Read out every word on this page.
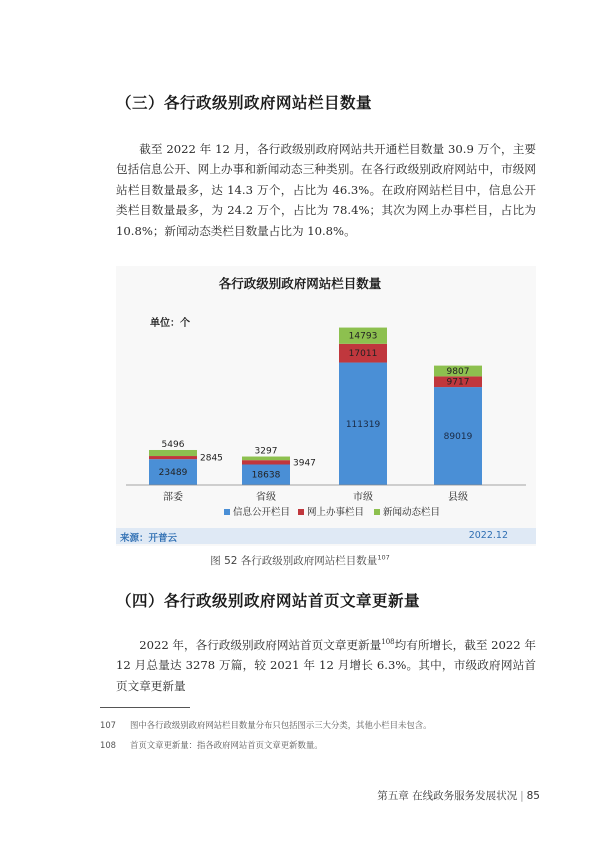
（三）各行政级别政府网站栏目数量

截至 2022 年 12 月，各行政级别政府网站共开通栏目数量 30.9 万个，主要包括信息公开、网上办事和新闻动态三种类别。在各行政级别政府网站中，市级网站栏目数量最多，达 14.3 万个，占比为 46.3%。在政府网站栏目中，信息公开类栏目数量最多，为 24.2 万个，占比为 78.4%；其次为网上办事栏目，占比为 10.8%；新闻动态类栏目数量占比为 10.8%。

各行政级别政府网站栏目数量
单位：个
23489
2845
5496
18638
3947
3297
111319
17011
14793
89019
9717
9807
部委	省级	市级	县级
信息公开栏目 网上办事栏目 新闻动态栏目
来源：开普云	2022.12
图 52 各行政级别政府网站栏目数量$^{107}$
（四）各行政级别政府网站首页文章更新量

2022 年，各行政级别政府网站首页文章更新量$^{108}$均有所增长，截至 2022 年 12 月总量达 3278 万篇，较 2021 年 12 月增长 6.3%。其中，市级政府网站首页文章更新量

107 图中各行政级别政府网站栏目数量分布只包括图示三大分类，其他小栏目未包含。
108 首页文章更新量：指各政府网站首页文章更新数量。
第五章 在线政务服务发展状况 | 85
